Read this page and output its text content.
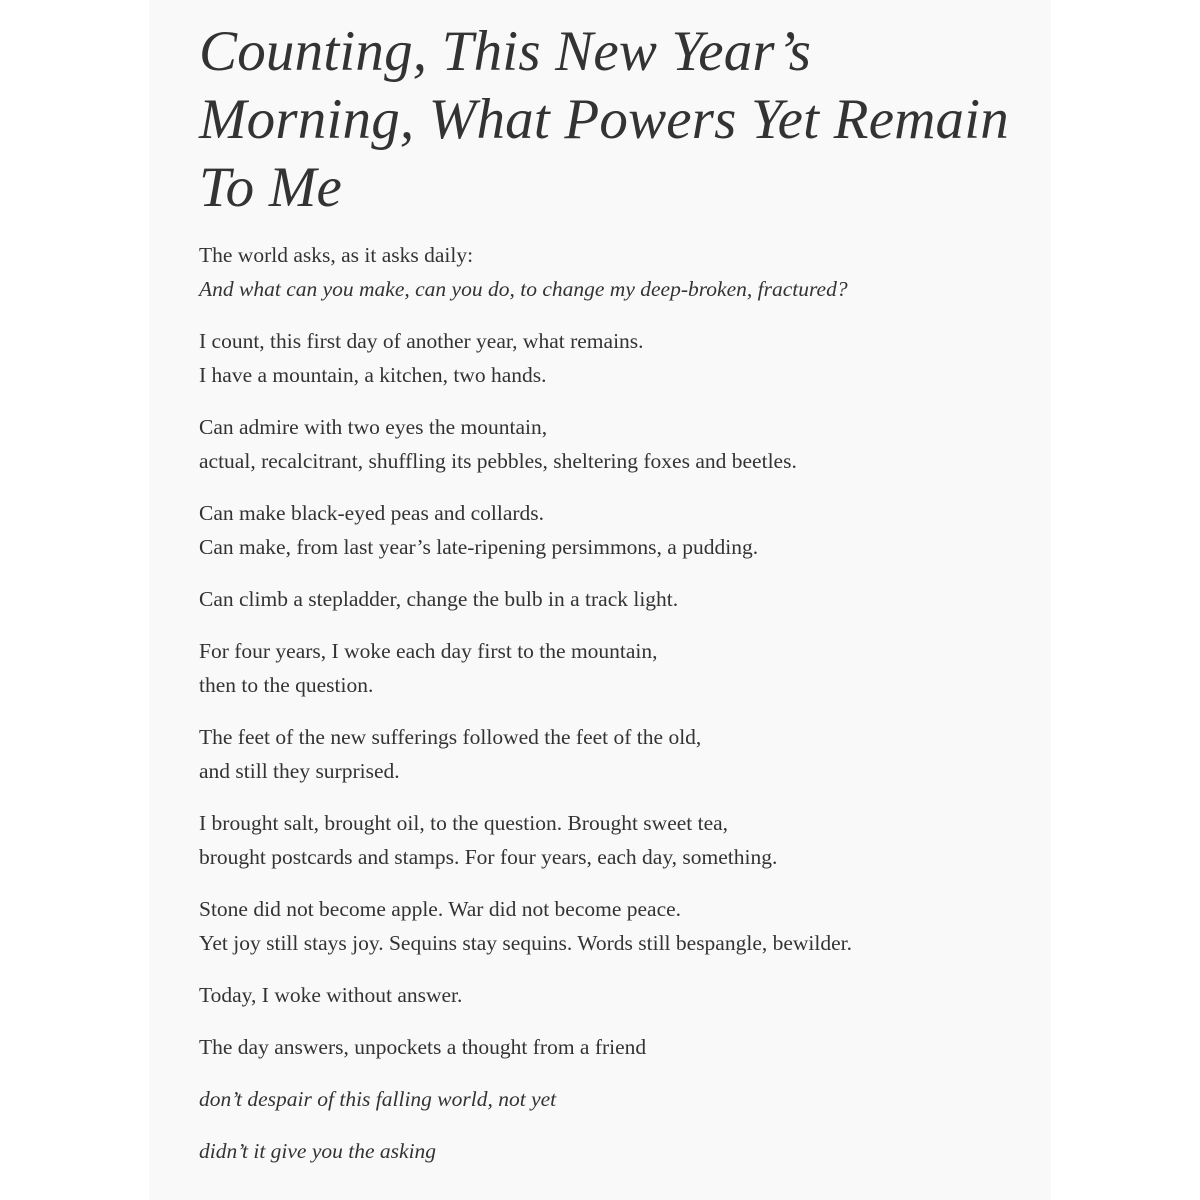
Counting, This New Year’s Morning, What Powers Yet Remain To Me

The world asks, as it asks daily:
And what can you make, can you do, to change my deep-broken, fractured?

I count, this first day of another year, what remains.
I have a mountain, a kitchen, two hands.

Can admire with two eyes the mountain,
actual, recalcitrant, shuffling its pebbles, sheltering foxes and beetles.

Can make black-eyed peas and collards.
Can make, from last year’s late-ripening persimmons, a pudding.

Can climb a stepladder, change the bulb in a track light.

For four years, I woke each day first to the mountain,
then to the question.

The feet of the new sufferings followed the feet of the old,
and still they surprised.

I brought salt, brought oil, to the question. Brought sweet tea,
brought postcards and stamps. For four years, each day, something.

Stone did not become apple. War did not become peace.
Yet joy still stays joy. Sequins stay sequins. Words still bespangle, bewilder.

Today, I woke without answer.

The day answers, unpockets a thought from a friend

don’t despair of this falling world, not yet

didn’t it give you the asking
